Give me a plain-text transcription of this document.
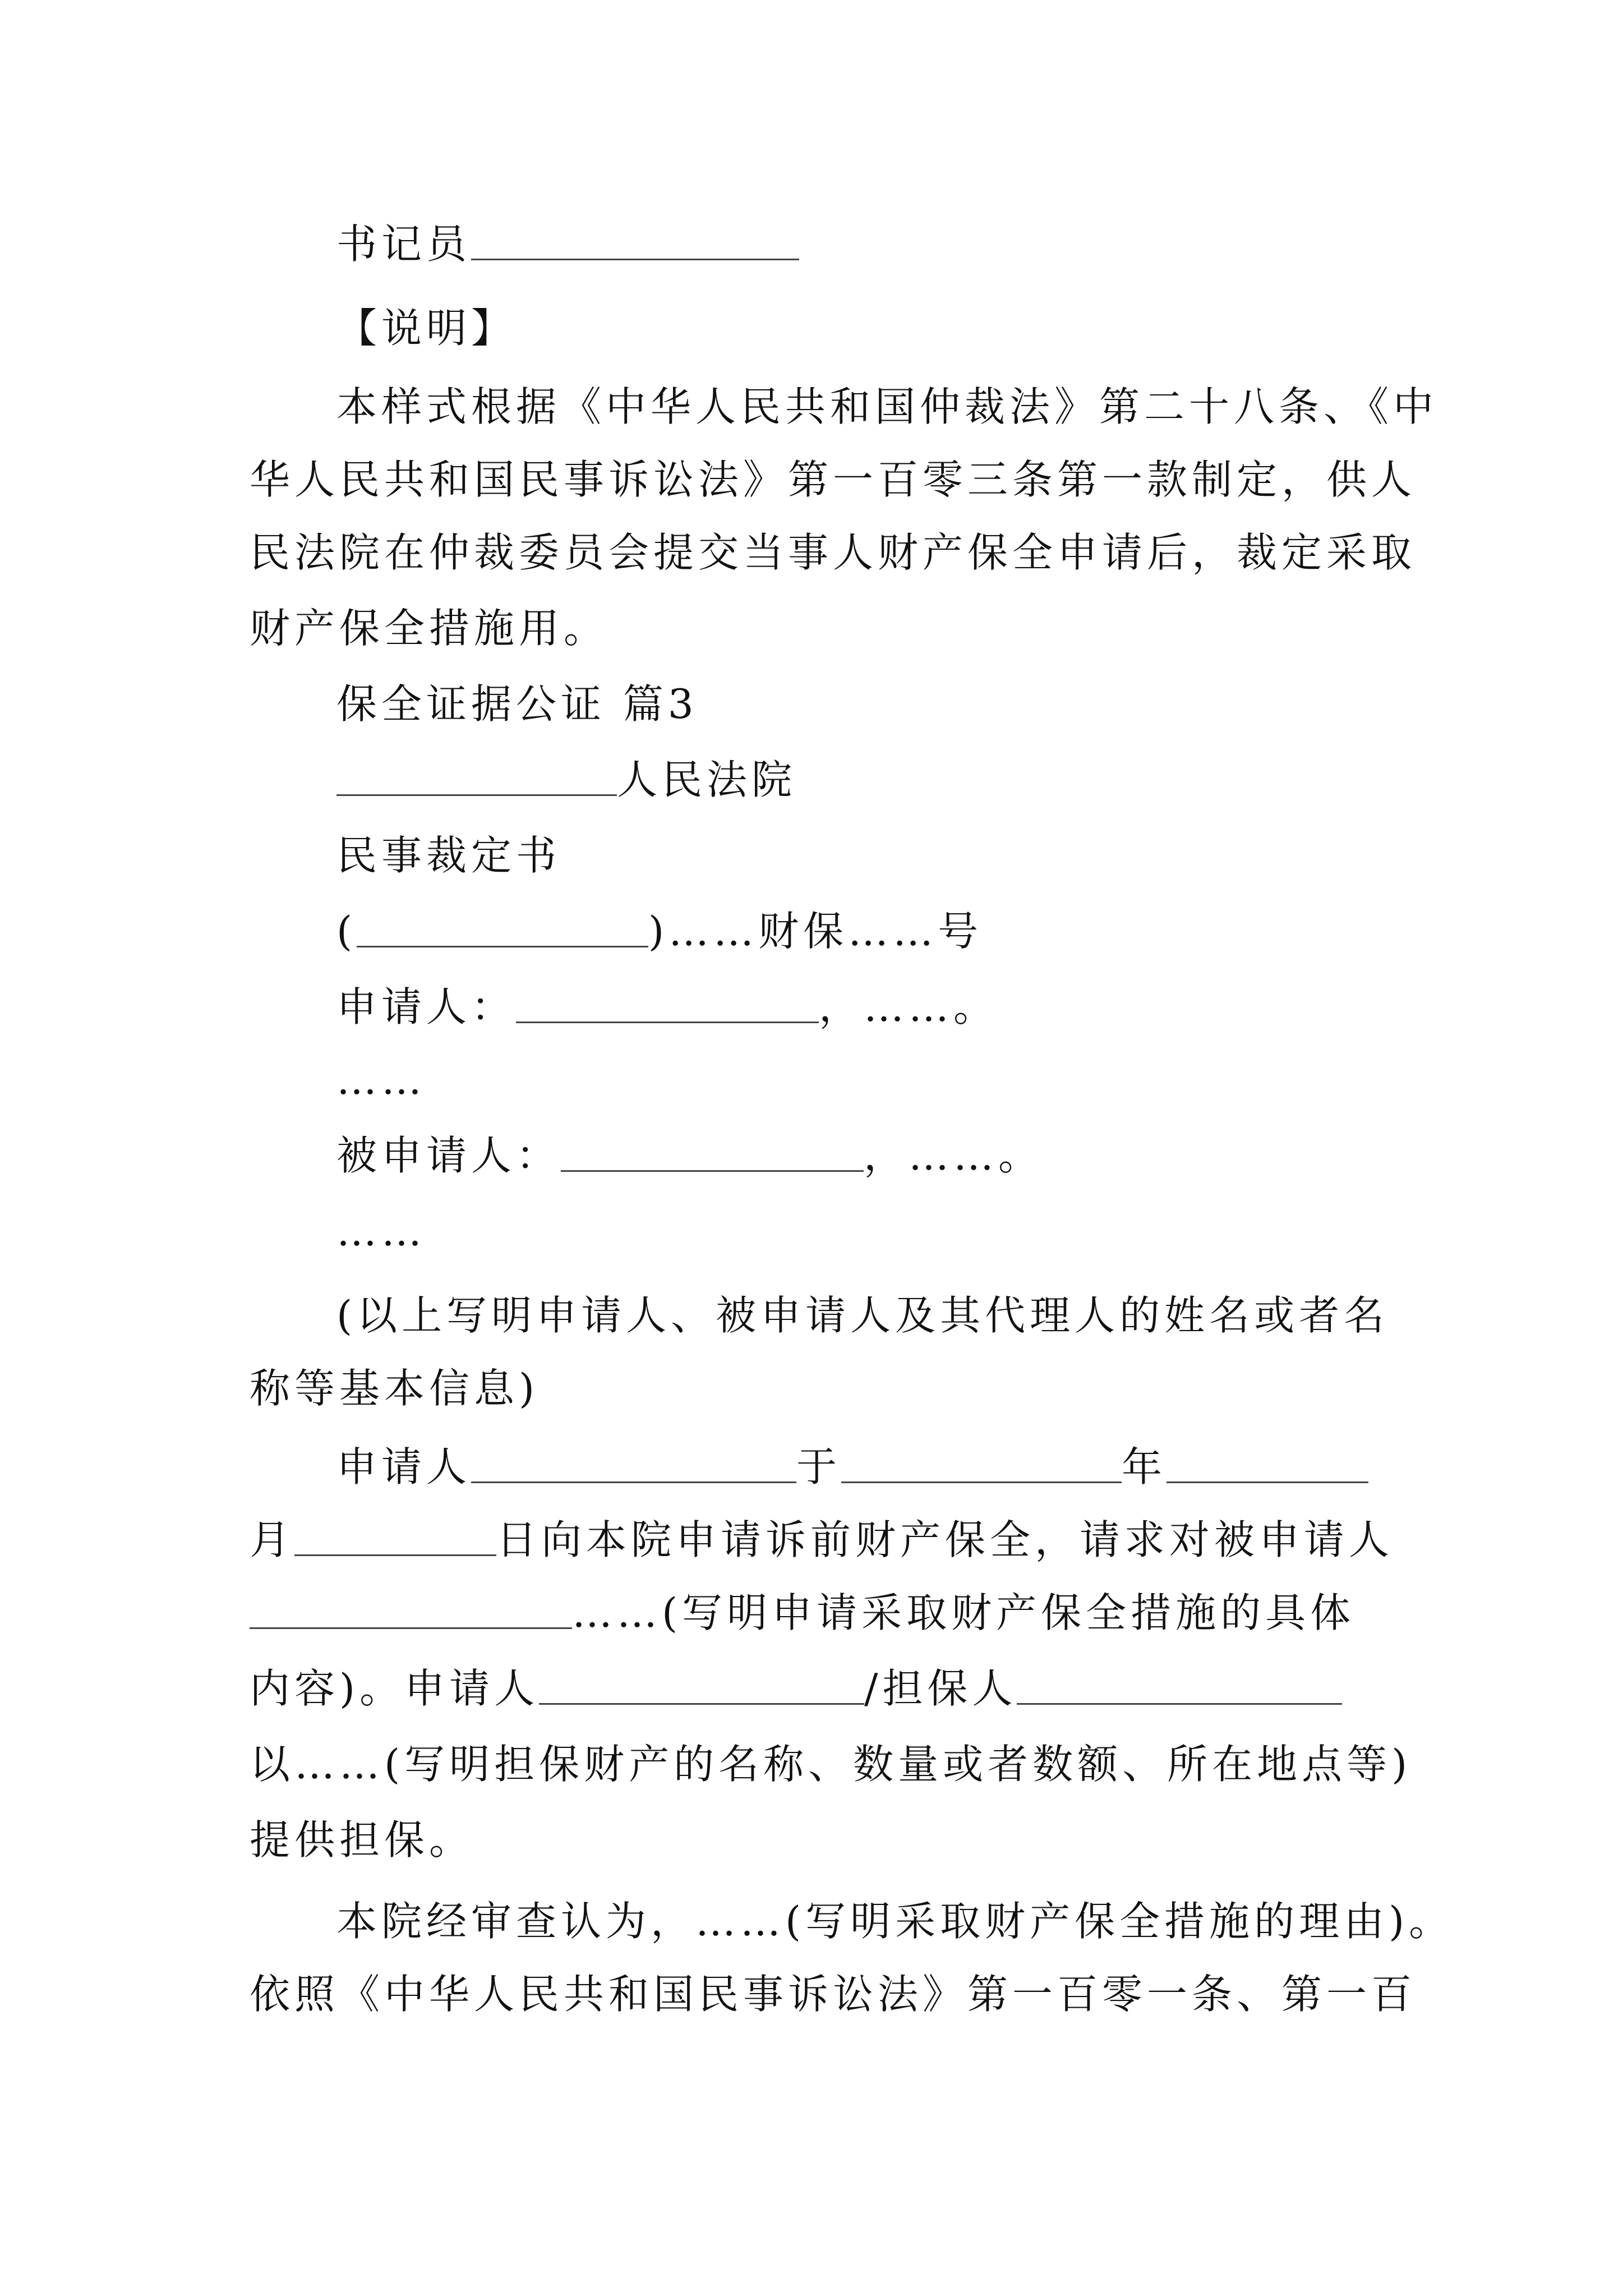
书记员
【说明】
本样式根据《中华人民共和国仲裁法》第二十八条、《中
华人民共和国民事诉讼法》第一百零三条第一款制定，供人
民法院在仲裁委员会提交当事人财产保全申请后，裁定采取
财产保全措施用。
保全证据公证 篇3
人民法院
民事裁定书
(	)……财保……号
申请人：	，……。
……
被申请人：	，……。
……
(以上写明申请人、被申请人及其代理人的姓名或者名
称等基本信息)
申请人	于	年
月	日向本院申请诉前财产保全，请求对被申请人
……(写明申请采取财产保全措施的具体
内容)。申请人	/担保人
以……(写明担保财产的名称、数量或者数额、所在地点等)
提供担保。
本院经审查认为，……(写明采取财产保全措施的理由)。
依照《中华人民共和国民事诉讼法》第一百零一条、第一百
